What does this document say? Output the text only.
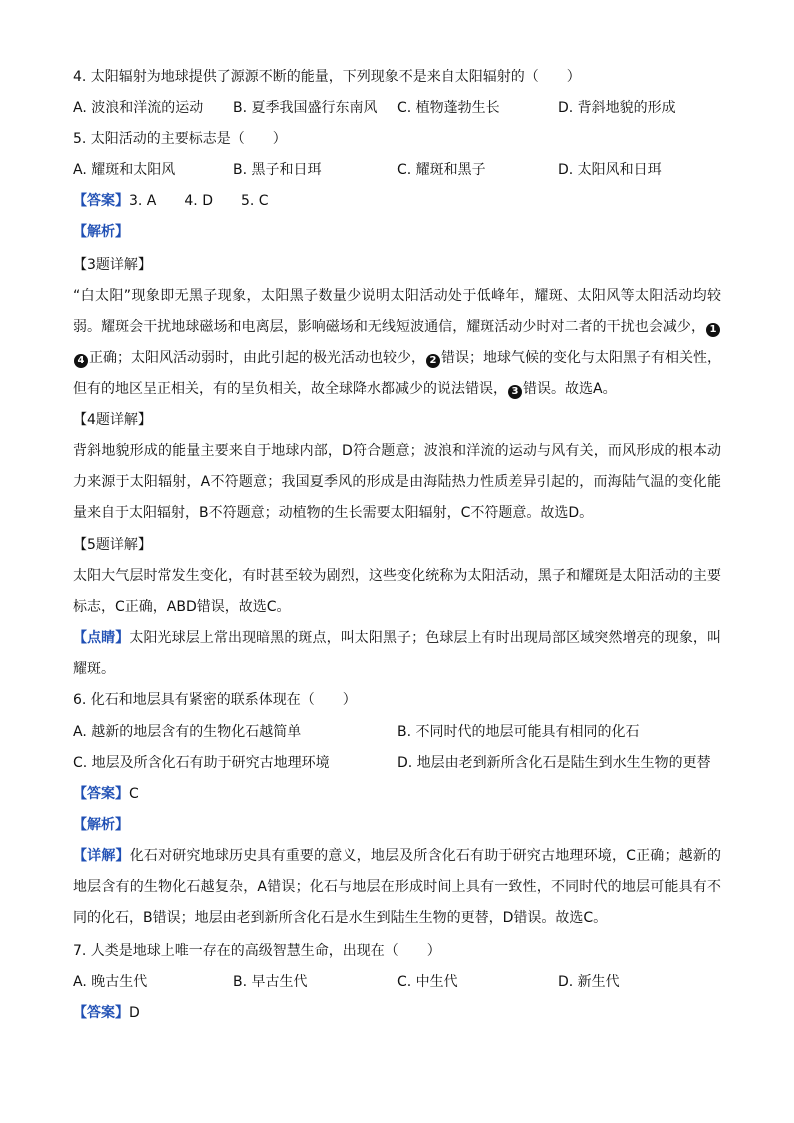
4. 太阳辐射为地球提供了源源不断的能量，下列现象不是来自太阳辐射的（　　）
A. 波浪和洋流的运动 B. 夏季我国盛行东南风 C. 植物蓬勃生长	D. 背斜地貌的形成
5. 太阳活动的主要标志是（　　）
A. 耀斑和太阳风	B. 黑子和日珥	C. 耀斑和黑子	D. 太阳风和日珥
【答案】3. A　　4. D　　5. C
【解析】
【3题详解】
“白太阳”现象即无黑子现象，太阳黑子数量少说明太阳活动处于低峰年，耀斑、太阳风等太阳活动均较弱。耀斑会干扰地球磁场和电离层，影响磁场和无线短波通信，耀斑活动少时对二者的干扰也会减少， 14 正确；太阳风活动弱时，由此引起的极光活动也较少， 2 错误；地球气候的变化与太阳黑子有相关性，但有的地区呈正相关，有的呈负相关，故全球降水都减少的说法错误， 3 错误。故选A。
【4题详解】
背斜地貌形成的能量主要来自于地球内部，D符合题意；波浪和洋流的运动与风有关，而风形成的根本动力来源于太阳辐射，A不符题意；我国夏季风的形成是由海陆热力性质差异引起的，而海陆气温的变化能量来自于太阳辐射，B不符题意；动植物的生长需要太阳辐射，C不符题意。故选D。
【5题详解】
太阳大气层时常发生变化，有时甚至较为剧烈，这些变化统称为太阳活动，黑子和耀斑是太阳活动的主要标志，C正确，ABD错误，故选C。
【点睛】太阳光球层上常出现暗黑的斑点，叫太阳黑子；色球层上有时出现局部区域突然增亮的现象，叫耀斑。
6. 化石和地层具有紧密的联系体现在（　　）
A. 越新的地层含有的生物化石越简单	B. 不同时代的地层可能具有相同的化石
C. 地层及所含化石有助于研究古地理环境	D. 地层由老到新所含化石是陆生到水生生物的更替
【答案】C
【解析】
【详解】化石对研究地球历史具有重要的意义，地层及所含化石有助于研究古地理环境，C正确；越新的地层含有的生物化石越复杂，A错误；化石与地层在形成时间上具有一致性，不同时代的地层可能具有不同的化石，B错误；地层由老到新所含化石是水生到陆生生物的更替，D错误。故选C。
7. 人类是地球上唯一存在的高级智慧生命，出现在（　　）
A. 晚古生代	B. 早古生代	C. 中生代	D. 新生代
【答案】D
